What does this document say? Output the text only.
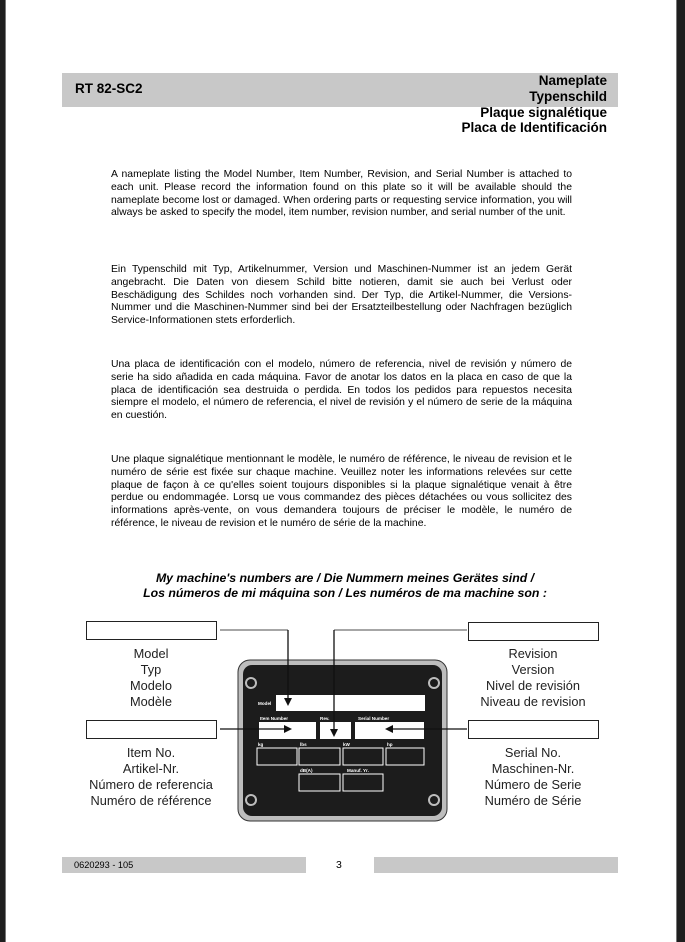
RT 82-SC2
Nameplate
Typenschild
Plaque signalétique
Placa de Identificación
A nameplate listing the Model Number, Item Number, Revision, and Serial Number is attached to each unit. Please record the information found on this plate so it will be available should the nameplate become lost or damaged. When ordering parts or requesting service information, you will always be asked to specify the model, item number, revision number, and serial number of the unit.
Ein Typenschild mit Typ, Artikelnummer, Version und Maschinen-Nummer ist an jedem Gerät angebracht. Die Daten von diesem Schild bitte notieren, damit sie auch bei Verlust oder Beschädigung des Schildes noch vorhanden sind. Der Typ, die Artikel-Nummer, die Versions- Nummer und die Maschinen-Nummer sind bei der Ersatzteilbestellung oder Nachfragen bezüglich Service-Informationen stets erforderlich.
Una placa de identificación con el modelo, número de referencia, nivel de revisión y número de serie ha sido añadida en cada máquina. Favor de anotar los datos en la placa en caso de que la placa de identificación sea destruida o perdida. En todos los pedidos para repuestos necesita siempre el modelo, el número de referencia, el nivel de revisión y el número de serie de la máquina en cuestión.
Une plaque signalétique mentionnant le modèle, le numéro de référence, le niveau de revision et le numéro de série est fixée sur chaque machine. Veuillez noter les informations relevées sur cette plaque de façon à ce qu'elles soient toujours disponibles si la plaque signalétique venait à être perdue ou endommagée. Lorsq ue vous commandez des pièces détachées ou vous sollicitez des informations après-vente, on vous demandera toujours de préciser le modèle, le numéro de référence, le niveau de revision et le numéro de série de la machine.
My machine's numbers are / Die Nummern meines Gerätes sind /
Los números de mi máquina son / Les numéros de ma machine son :
Model
Item Number	Rev.	Serial Number
kg	lbs	kW	hp
dB(A)	Manuf. Yr.
Model
Typ
Modelo
Modèle
Revision
Version
Nivel de revisión
Niveau de revision
Item No.
Artikel-Nr.
Número de referencia
Numéro de référence
Serial No.
Maschinen-Nr.
Número de Serie
Numéro de Série
0620293 - 105	3
